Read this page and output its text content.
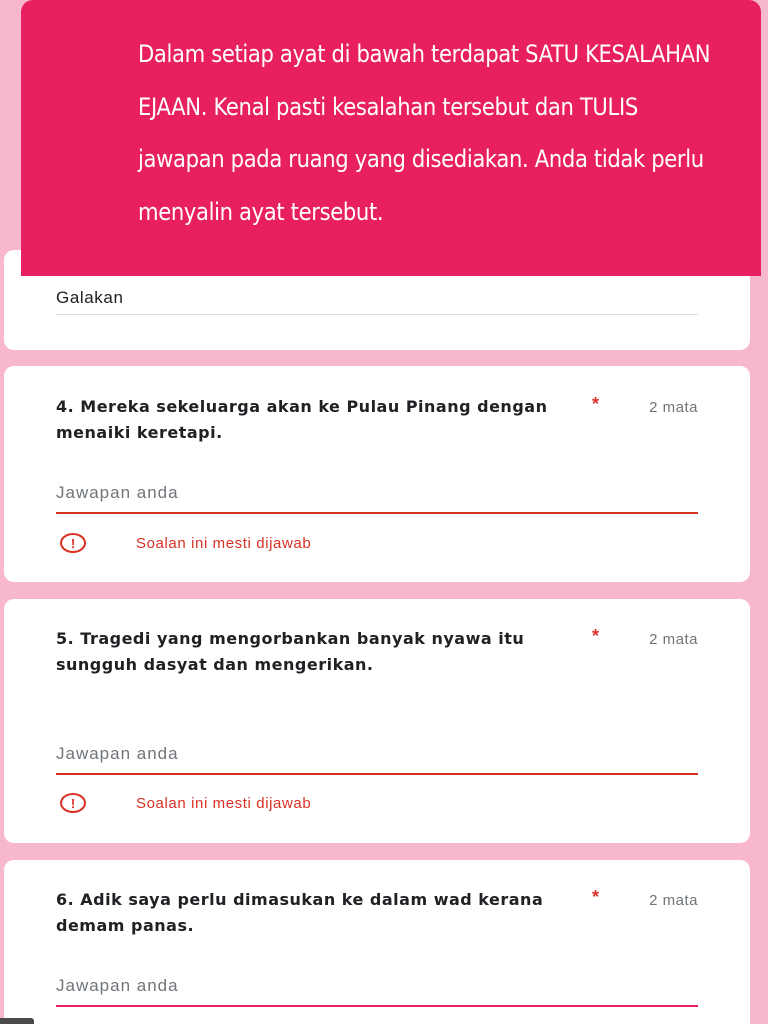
Dalam setiap ayat di bawah terdapat SATU KESALAHAN EJAAN. Kenal pasti kesalahan tersebut dan TULIS jawapan pada ruang yang disediakan. Anda tidak perlu menyalin ayat tersebut.

Galakan
4. Mereka sekeluarga akan ke Pulau Pinang dengan menaiki keretapi.
*	2 mata
Jawapan anda
!	Soalan ini mesti dijawab
5. Tragedi yang mengorbankan banyak nyawa itu sungguh dasyat dan mengerikan.
*	2 mata
Jawapan anda
!	Soalan ini mesti dijawab
6. Adik saya perlu dimasukan ke dalam wad kerana demam panas.
*	2 mata
Jawapan anda
